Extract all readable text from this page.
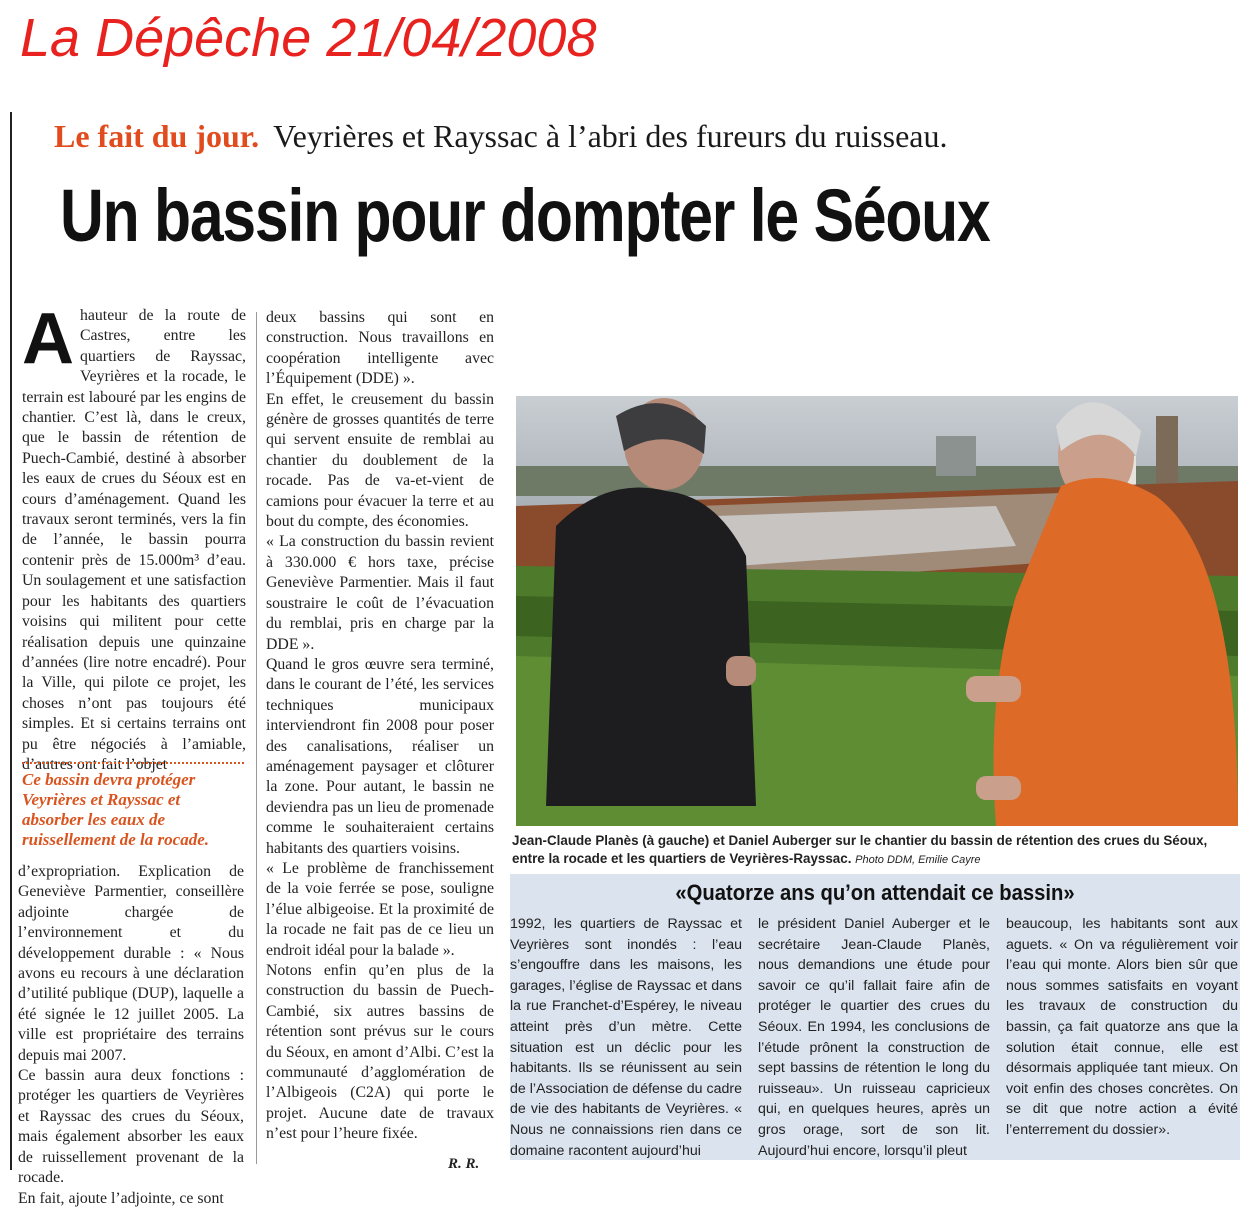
La Dépêche 21/04/2008
Le fait du jour. Veyrières et Rayssac à l’abri des fureurs du ruisseau.
Un bassin pour dompter le Séoux

Ahauteur de la route de Castres, entre les quartiers de Rayssac, Veyrières et la rocade, le terrain est labouré par les engins de chantier. C’est là, dans le creux, que le bassin de rétention de Puech-Cambié, destiné à absorber les eaux de crues du Séoux est en cours d’aménagement. Quand les travaux seront terminés, vers la fin de l’année, le bassin pourra contenir près de 15.000m³ d’eau. Un soulagement et une satisfaction pour les habitants des quartiers voisins qui militent pour cette réalisation depuis une quinzaine d’années (lire notre encadré). Pour la Ville, qui pilote ce projet, les choses n’ont pas toujours été simples. Et si certains terrains ont pu être négociés à l’amiable, d’autres ont fait l’objet

Ce bassin devra protéger Veyrières et Rayssac et absorber les eaux de ruissellement de la rocade.

d’expropriation. Explication de Geneviève Parmentier, conseillère adjointe chargée de l’environnement et du développement durable : « Nous avons eu recours à une déclaration d’utilité publique (DUP), laquelle a été signée le 12 juillet 2005. La ville est propriétaire des terrains depuis mai 2007.

Ce bassin aura deux fonctions : protéger les quartiers de Veyrières et Rayssac des crues du Séoux, mais également absorber les eaux de ruissellement provenant de la rocade.

En fait, ajoute l’adjointe, ce sont

deux bassins qui sont en construction. Nous travaillons en coopération intelligente avec l’Équipement (DDE) ».

En effet, le creusement du bassin génère de grosses quantités de terre qui servent ensuite de remblai au chantier du doublement de la rocade. Pas de va-et-vient de camions pour évacuer la terre et au bout du compte, des économies.

« La construction du bassin revient à 330.000 € hors taxe, précise Geneviève Parmentier. Mais il faut soustraire le coût de l’évacuation du remblai, pris en charge par la DDE ».

Quand le gros œuvre sera terminé, dans le courant de l’été, les services techniques municipaux interviendront fin 2008 pour poser des canalisations, réaliser un aménagement paysager et clôturer la zone. Pour autant, le bassin ne deviendra pas un lieu de promenade comme le souhaiteraient certains habitants des quartiers voisins.

« Le problème de franchissement de la voie ferrée se pose, souligne l’élue albigeoise. Et la proximité de la rocade ne fait pas de ce lieu un endroit idéal pour la balade ».

Notons enfin qu’en plus de la construction du bassin de Puech-Cambié, six autres bassins de rétention sont prévus sur le cours du Séoux, en amont d’Albi. C’est la communauté d’agglomération de l’Albigeois (C2A) qui porte le projet. Aucune date de travaux n’est pour l’heure fixée.

R. R.
Jean-Claude Planès (à gauche) et Daniel Auberger sur le chantier du bassin de rétention des crues du Séoux, entre la rocade et les quartiers de Veyrières-Rayssac. Photo DDM, Emilie Cayre
«Quatorze ans qu’on attendait ce bassin»

1992, les quartiers de Rayssac et Veyrières sont inondés : l’eau s’engouffre dans les maisons, les garages, l’église de Rayssac et dans la rue Franchet-d’Espérey, le niveau atteint près d’un mètre. Cette situation est un déclic pour les habitants. Ils se réunissent au sein de l’Association de défense du cadre de vie des habitants de Veyrières. « Nous ne connaissions rien dans ce domaine racontent aujourd’hui

le président Daniel Auberger et le secrétaire Jean-Claude Planès, nous demandions une étude pour savoir ce qu’il fallait faire afin de protéger le quartier des crues du Séoux. En 1994, les conclusions de l’étude prônent la construction de sept bassins de rétention le long du ruisseau». Un ruisseau capricieux qui, en quelques heures, après un gros orage, sort de son lit. Aujourd’hui encore, lorsqu’il pleut

beaucoup, les habitants sont aux aguets. « On va régulièrement voir l’eau qui monte. Alors bien sûr que nous sommes satisfaits en voyant les travaux de construction du bassin, ça fait quatorze ans que la solution était connue, elle est désormais appliquée tant mieux. On voit enfin des choses concrètes. On se dit que notre action a évité l’enterrement du dossier».
